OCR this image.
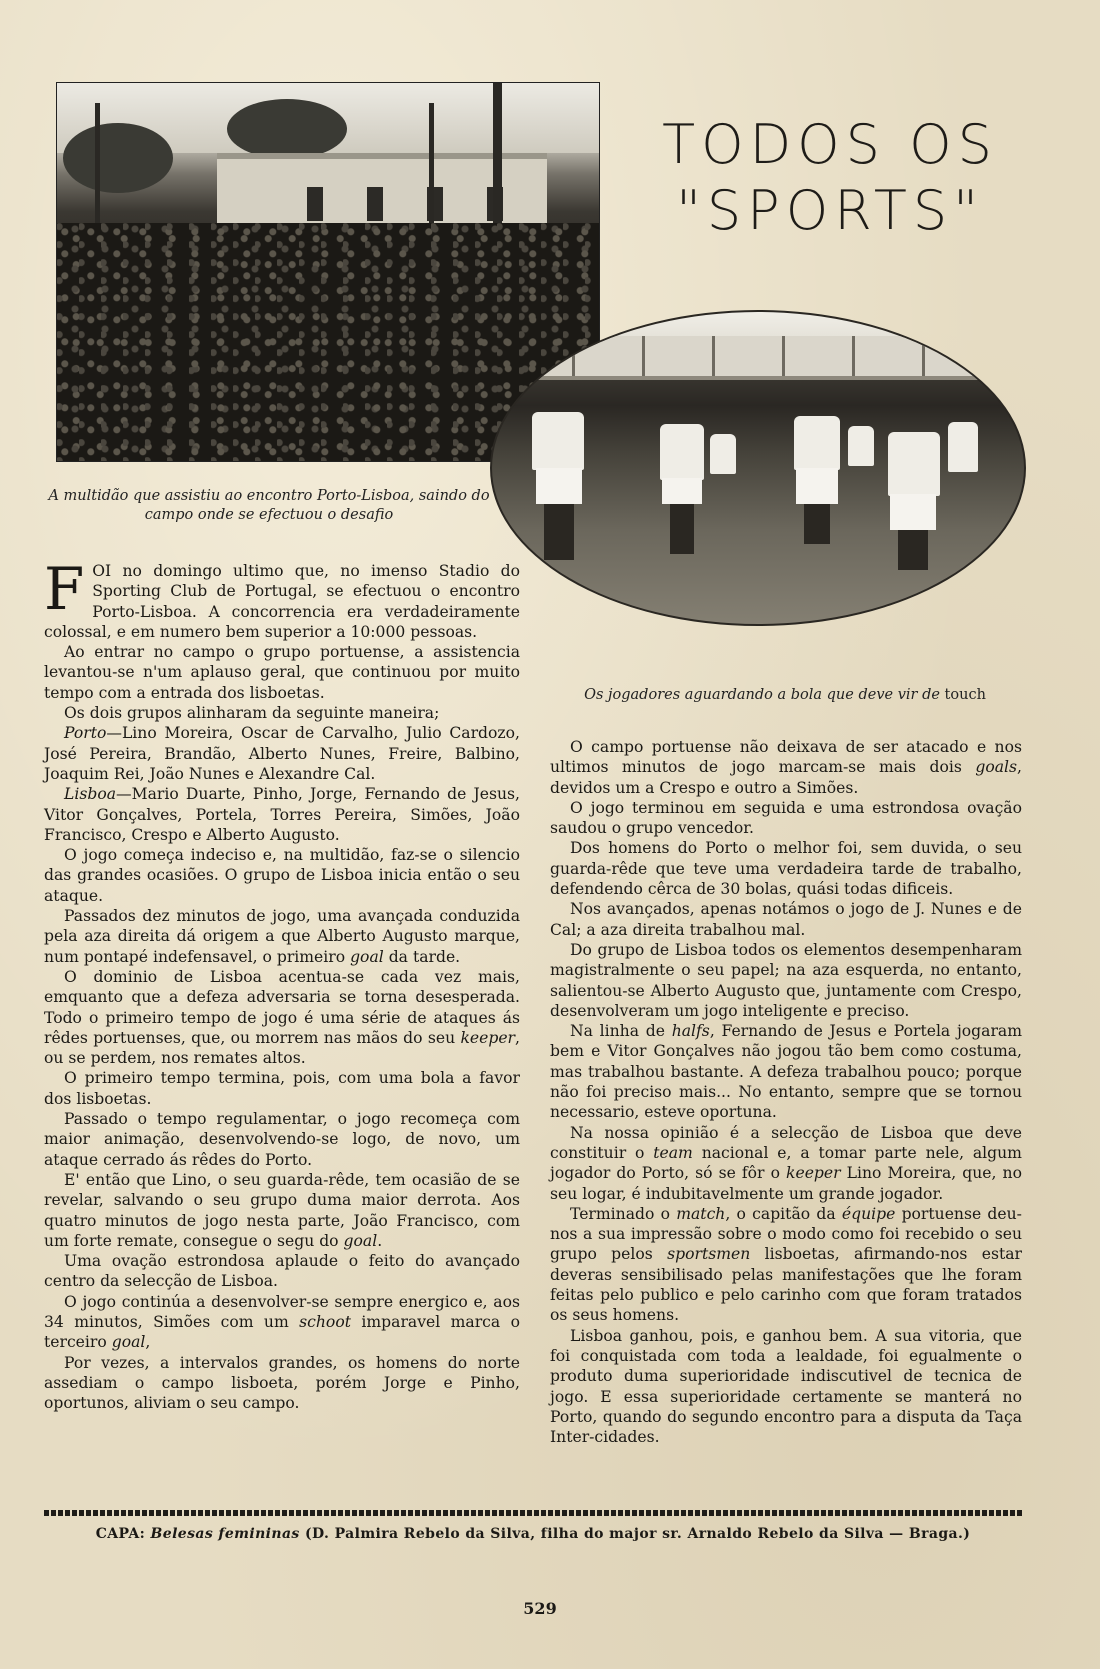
TODOS OS
"SPORTS"
A multidão que assistiu ao encontro Porto-Lisboa, saindo do campo onde se efectuou o desafio
Os jogadores aguardando a bola que deve vir de touch

FOI no domingo ultimo que, no imenso Stadio do Sporting Club de Portugal, se efectuou o encontro Porto-Lisboa. A concorrencia era verdadeiramente colossal, e em numero bem superior a 10:000 pessoas.

Ao entrar no campo o grupo portuense, a assistencia levantou-se n'um aplauso geral, que continuou por muito tempo com a entrada dos lisboetas.

Os dois grupos alinharam da seguinte maneira;

Porto—Lino Moreira, Oscar de Carvalho, Julio Cardozo, José Pereira, Brandão, Alberto Nunes, Freire, Balbino, Joaquim Rei, João Nunes e Alexandre Cal.

Lisboa—Mario Duarte, Pinho, Jorge, Fernando de Jesus, Vitor Gonçalves, Portela, Torres Pereira, Simões, João Francisco, Crespo e Alberto Augusto.

O jogo começa indeciso e, na multidão, faz-se o silencio das grandes ocasiões. O grupo de Lisboa inicia então o seu ataque.

Passados dez minutos de jogo, uma avançada conduzida pela aza direita dá origem a que Alberto Augusto marque, num pontapé indefensavel, o primeiro goal da tarde.

O dominio de Lisboa acentua-se cada vez mais, emquanto que a defeza adversaria se torna desesperada. Todo o primeiro tempo de jogo é uma série de ataques ás rêdes portuenses, que, ou morrem nas mãos do seu keeper, ou se perdem, nos remates altos.

O primeiro tempo termina, pois, com uma bola a favor dos lisboetas.

Passado o tempo regulamentar, o jogo recomeça com maior animação, desenvolvendo-se logo, de novo, um ataque cerrado ás rêdes do Porto.

E' então que Lino, o seu guarda-rêde, tem ocasião de se revelar, salvando o seu grupo duma maior derrota. Aos quatro minutos de jogo nesta parte, João Francisco, com um forte remate, consegue o segu do goal.

Uma ovação estrondosa aplaude o feito do avançado centro da selecção de Lisboa.

O jogo continúa a desenvolver-se sempre energico e, aos 34 minutos, Simões com um schoot imparavel marca o terceiro goal,

Por vezes, a intervalos grandes, os homens do norte assediam o campo lisboeta, porém Jorge e Pinho, oportunos, aliviam o seu campo.

O campo portuense não deixava de ser atacado e nos ultimos minutos de jogo marcam-se mais dois goals, devidos um a Crespo e outro a Simões.

O jogo terminou em seguida e uma estrondosa ovação saudou o grupo vencedor.

Dos homens do Porto o melhor foi, sem duvida, o seu guarda-rêde que teve uma verdadeira tarde de trabalho, defendendo cêrca de 30 bolas, quási todas dificeis.

Nos avançados, apenas notámos o jogo de J. Nunes e de Cal; a aza direita trabalhou mal.

Do grupo de Lisboa todos os elementos desempenharam magistralmente o seu papel; na aza esquerda, no entanto, salientou-se Alberto Augusto que, juntamente com Crespo, desenvolveram um jogo inteligente e preciso.

Na linha de halfs, Fernando de Jesus e Portela jogaram bem e Vitor Gonçalves não jogou tão bem como costuma, mas trabalhou bastante. A defeza trabalhou pouco; porque não foi preciso mais... No entanto, sempre que se tornou necessario, esteve oportuna.

Na nossa opinião é a selecção de Lisboa que deve constituir o team nacional e, a tomar parte nele, algum jogador do Porto, só se fôr o keeper Lino Moreira, que, no seu logar, é indubitavelmente um grande jogador.

Terminado o match, o capitão da équipe portuense deu-nos a sua impressão sobre o modo como foi recebido o seu grupo pelos sportsmen lisboetas, afirmando-nos estar deveras sensibilisado pelas manifestações que lhe foram feitas pelo publico e pelo carinho com que foram tratados os seus homens.

Lisboa ganhou, pois, e ganhou bem. A sua vitoria, que foi conquistada com toda a lealdade, foi egualmente o produto duma superioridade indiscutivel de tecnica de jogo. E essa superioridade certamente se manterá no Porto, quando do segundo encontro para a disputa da Taça Inter-cidades.

CAPA: Belesas femininas (D. Palmira Rebelo da Silva, filha do major sr. Arnaldo Rebelo da Silva — Braga.)
529
